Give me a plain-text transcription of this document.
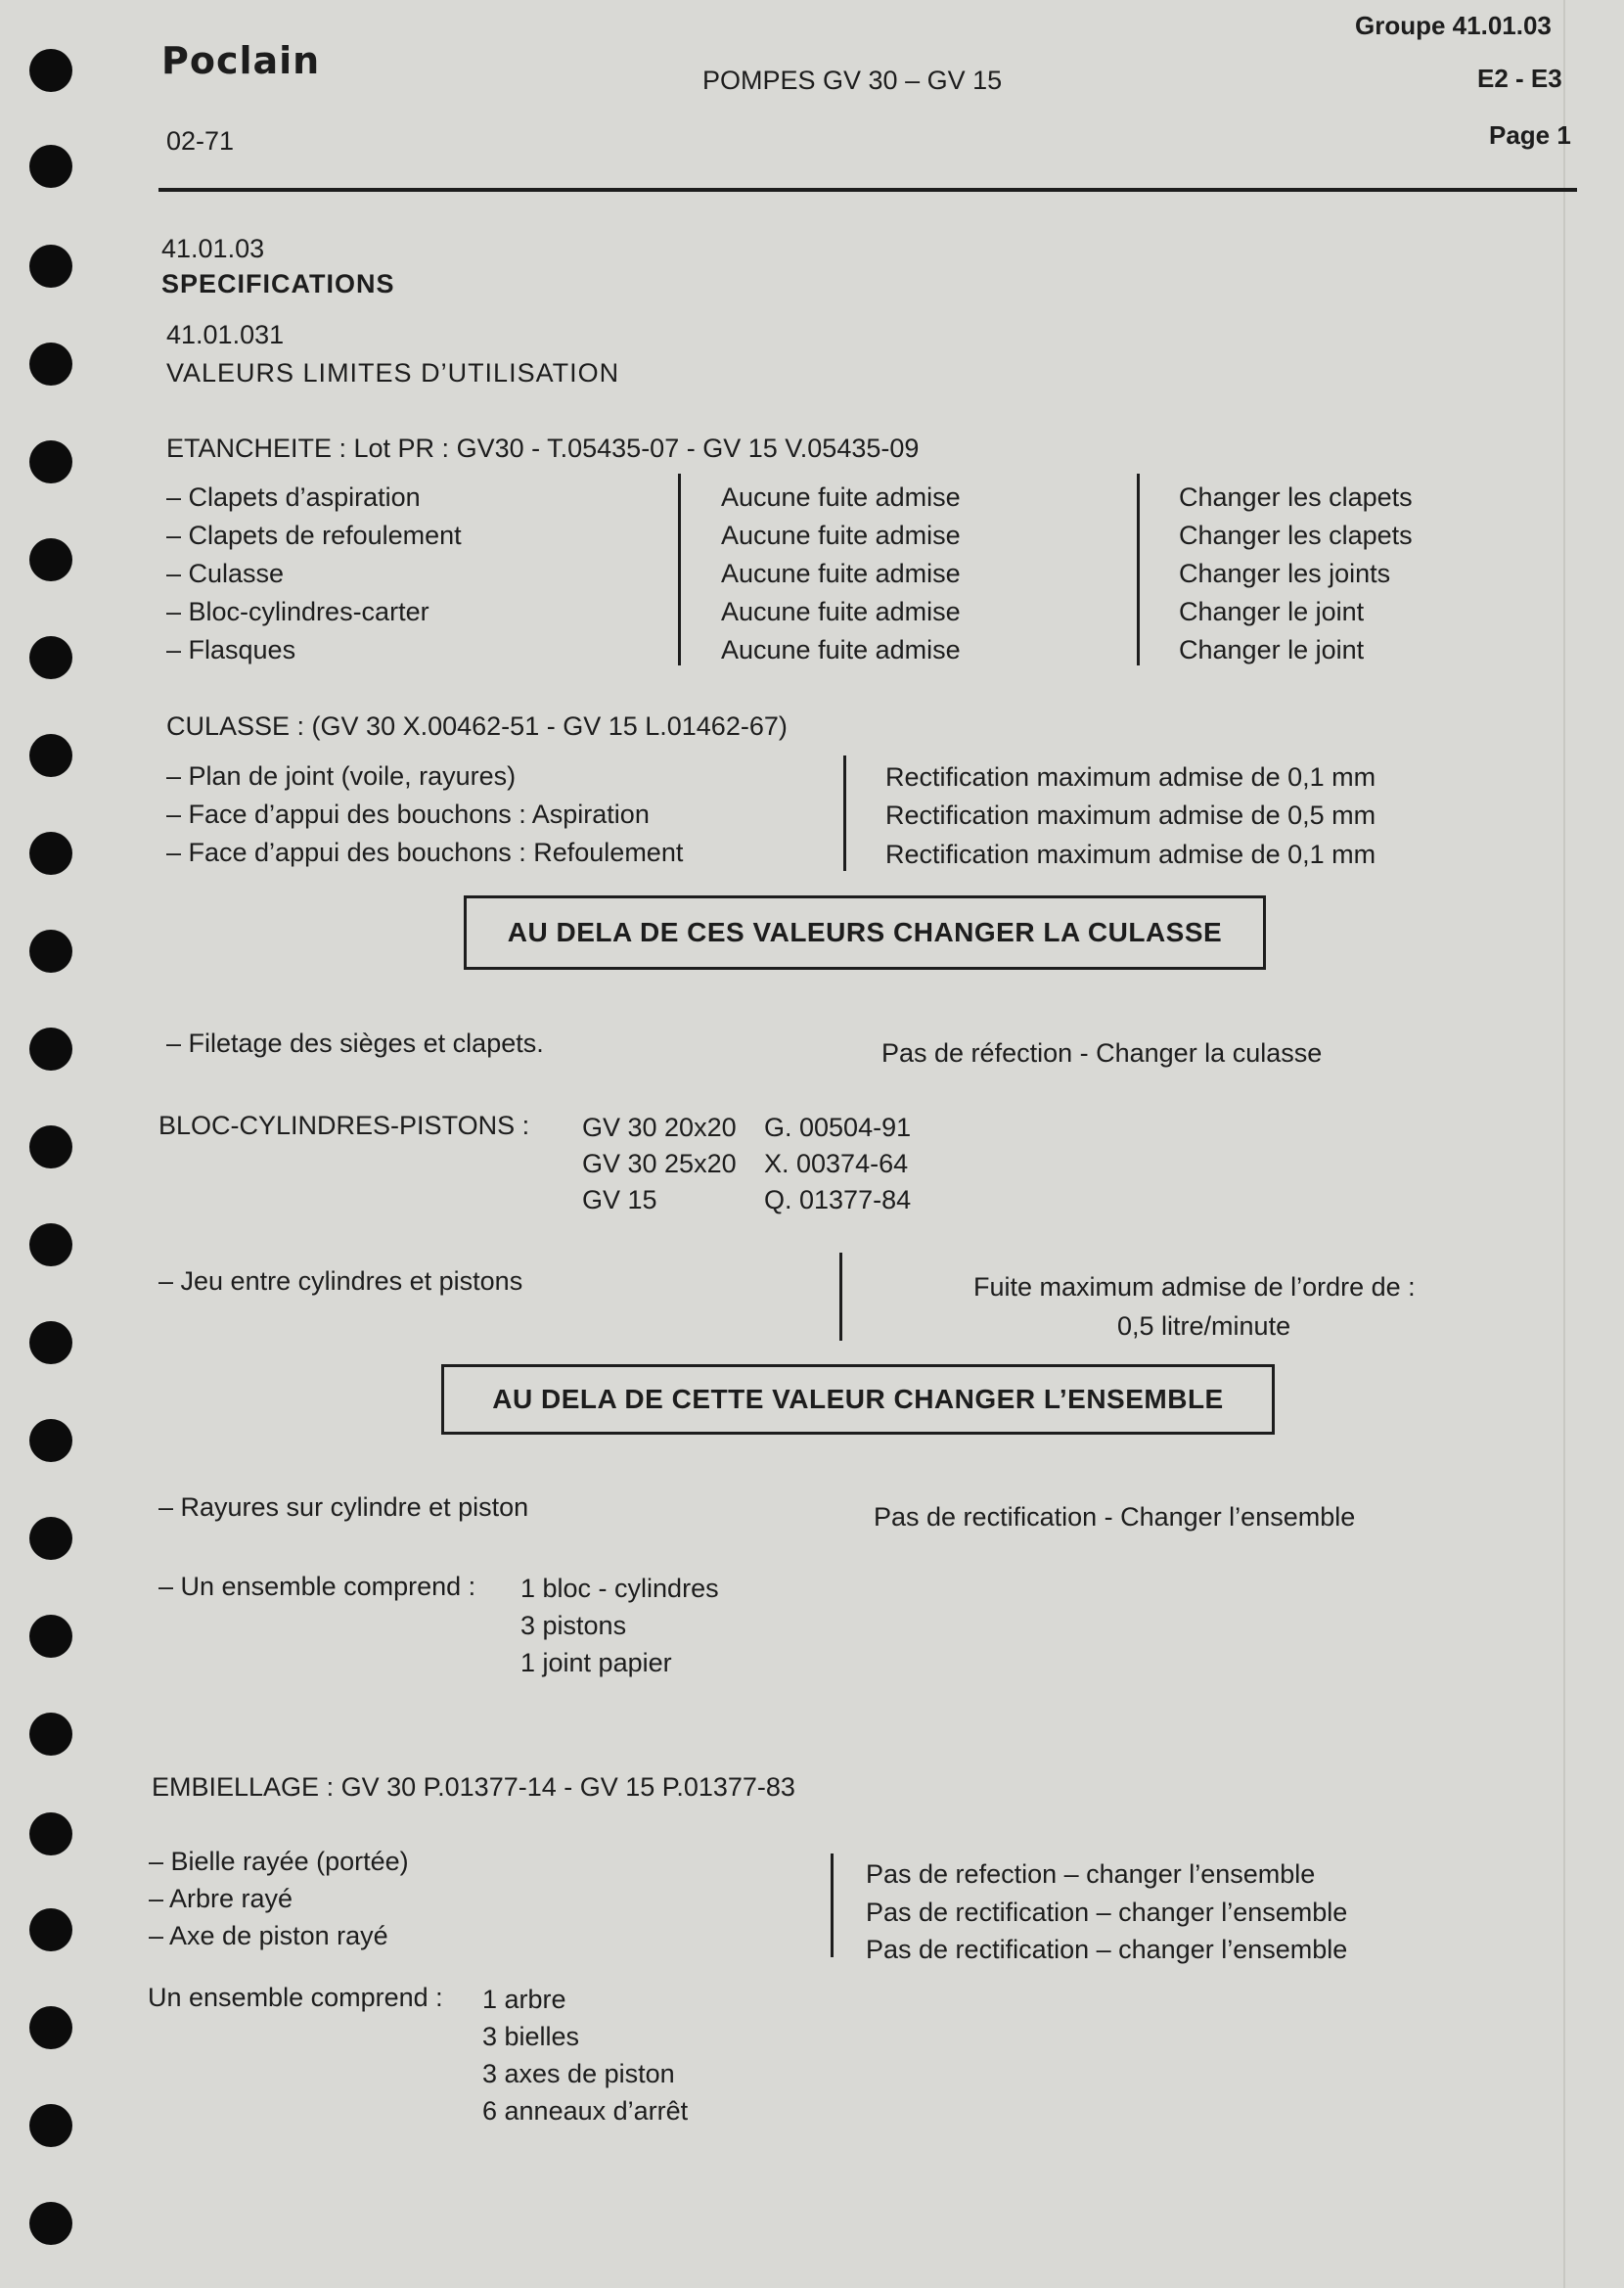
Poclain
02-71
POMPES GV 30 – GV 15
Groupe 41.01.03
E2 - E3
Page 1
41.01.03
SPECIFICATIONS
41.01.031
VALEURS LIMITES D’UTILISATION
ETANCHEITE : Lot PR : GV30 - T.05435-07 - GV 15 V.05435-09
– Clapets d’aspiration	Aucune fuite admise	Changer les clapets
– Clapets de refoulement	Aucune fuite admise	Changer les clapets
– Culasse	Aucune fuite admise	Changer les joints
– Bloc-cylindres-carter	Aucune fuite admise	Changer le joint
– Flasques	Aucune fuite admise	Changer le joint
CULASSE : (GV 30 X.00462-51 - GV 15 L.01462-67)
– Plan de joint (voile, rayures)	Rectification maximum admise de 0,1 mm
– Face d’appui des bouchons : Aspiration	Rectification maximum admise de 0,5 mm
– Face d’appui des bouchons : Refoulement	Rectification maximum admise de 0,1 mm
AU DELA DE CES VALEURS CHANGER LA CULASSE
– Filetage des sièges et clapets.	Pas de réfection - Changer la culasse
BLOC-CYLINDRES-PISTONS : GV 30 20x20 G. 00504-91
GV 30 25x20 X. 00374-64
GV 15	Q. 01377-84
– Jeu entre cylindres et pistons	Fuite maximum admise de l’ordre de :
0,5 litre/minute
AU DELA DE CETTE VALEUR CHANGER L’ENSEMBLE
– Rayures sur cylindre et piston	Pas de rectification - Changer l’ensemble
– Un ensemble comprend : 1 bloc - cylindres
3 pistons
1 joint papier
EMBIELLAGE : GV 30 P.01377-14 - GV 15 P.01377-83
– Bielle rayée (portée)	Pas de refection – changer l’ensemble
– Arbre rayé	Pas de rectification – changer l’ensemble
– Axe de piston rayé	Pas de rectification – changer l’ensemble
Un ensemble comprend : 1 arbre
3 bielles
3 axes de piston
6 anneaux d’arrêt
